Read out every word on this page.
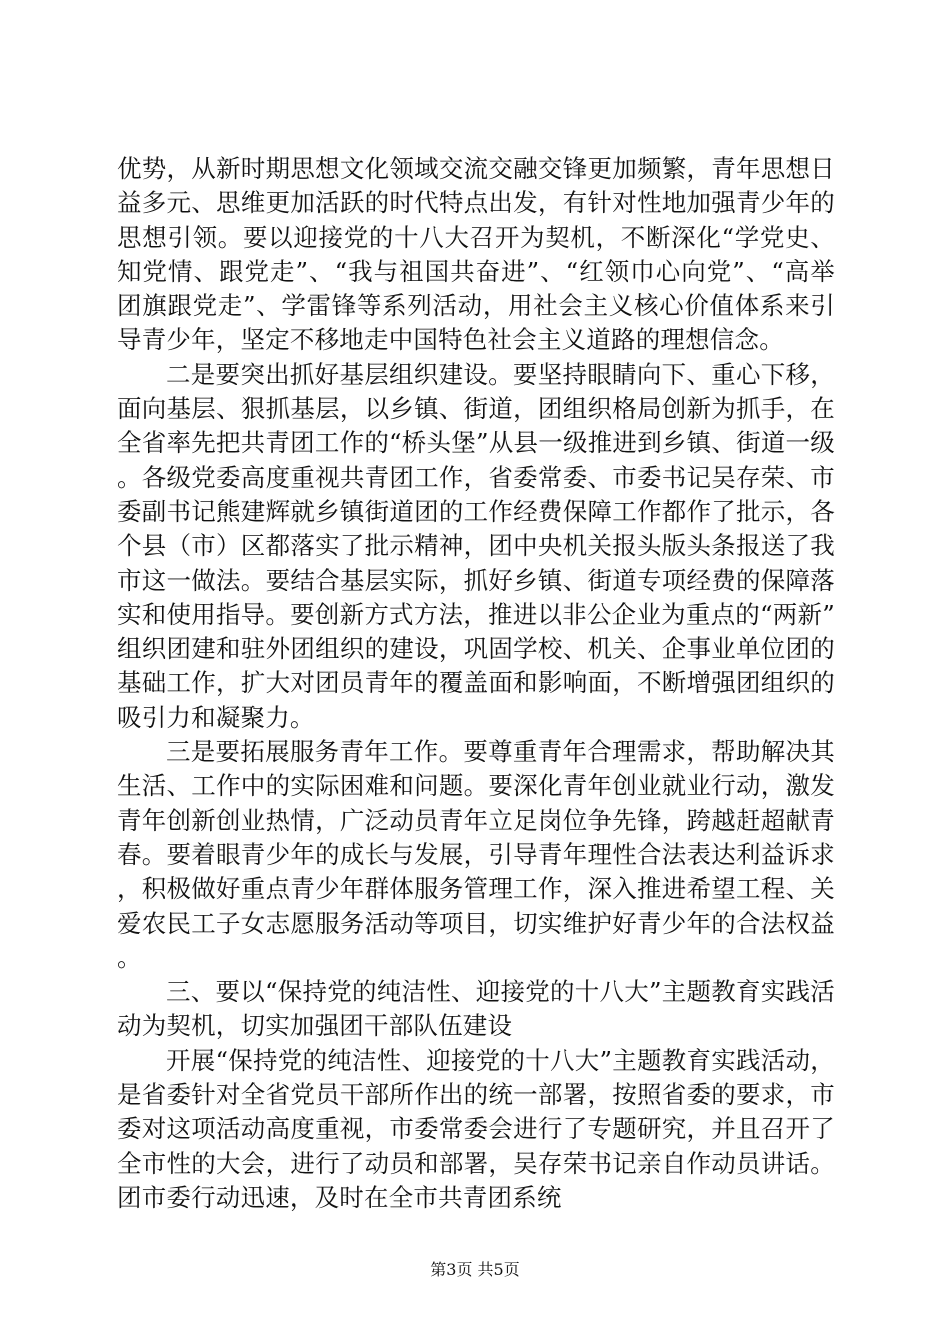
优势，从新时期思想文化领域交流交融交锋更加频繁，青年思想日益多元、思维更加活跃的时代特点出发，有针对性地加强青少年的思想引领。要以迎接党的十八大召开为契机，不断深化“学党史、知党情、跟党走”、“我与祖国共奋进”、“红领巾心向党”、“高举团旗跟党走”、学雷锋等系列活动，用社会主义核心价值体系来引导青少年，坚定不移地走中国特色社会主义道路的理想信念。

二是要突出抓好基层组织建设。要坚持眼睛向下、重心下移，面向基层、狠抓基层，以乡镇、街道，团组织格局创新为抓手，在全省率先把共青团工作的“桥头堡”从县一级推进到乡镇、街道一级。各级党委高度重视共青团工作，省委常委、市委书记吴存荣、市委副书记熊建辉就乡镇街道团的工作经费保障工作都作了批示，各个县（市）区都落实了批示精神，团中央机关报头版头条报送了我市这一做法。要结合基层实际，抓好乡镇、街道专项经费的保障落实和使用指导。要创新方式方法，推进以非公企业为重点的“两新”组织团建和驻外团组织的建设，巩固学校、机关、企事业单位团的基础工作，扩大对团员青年的覆盖面和影响面，不断增强团组织的吸引力和凝聚力。

三是要拓展服务青年工作。要尊重青年合理需求，帮助解决其生活、工作中的实际困难和问题。要深化青年创业就业行动，激发青年创新创业热情，广泛动员青年立足岗位争先锋，跨越赶超献青春。要着眼青少年的成长与发展，引导青年理性合法表达利益诉求，积极做好重点青少年群体服务管理工作，深入推进希望工程、关爱农民工子女志愿服务活动等项目，切实维护好青少年的合法权益。

三、要以“保持党的纯洁性、迎接党的十八大”主题教育实践活动为契机，切实加强团干部队伍建设

开展“保持党的纯洁性、迎接党的十八大”主题教育实践活动，是省委针对全省党员干部所作出的统一部署，按照省委的要求，市委对这项活动高度重视，市委常委会进行了专题研究，并且召开了全市性的大会，进行了动员和部署，吴存荣书记亲自作动员讲话。团市委行动迅速，及时在全市共青团系统

第3页 共5页
